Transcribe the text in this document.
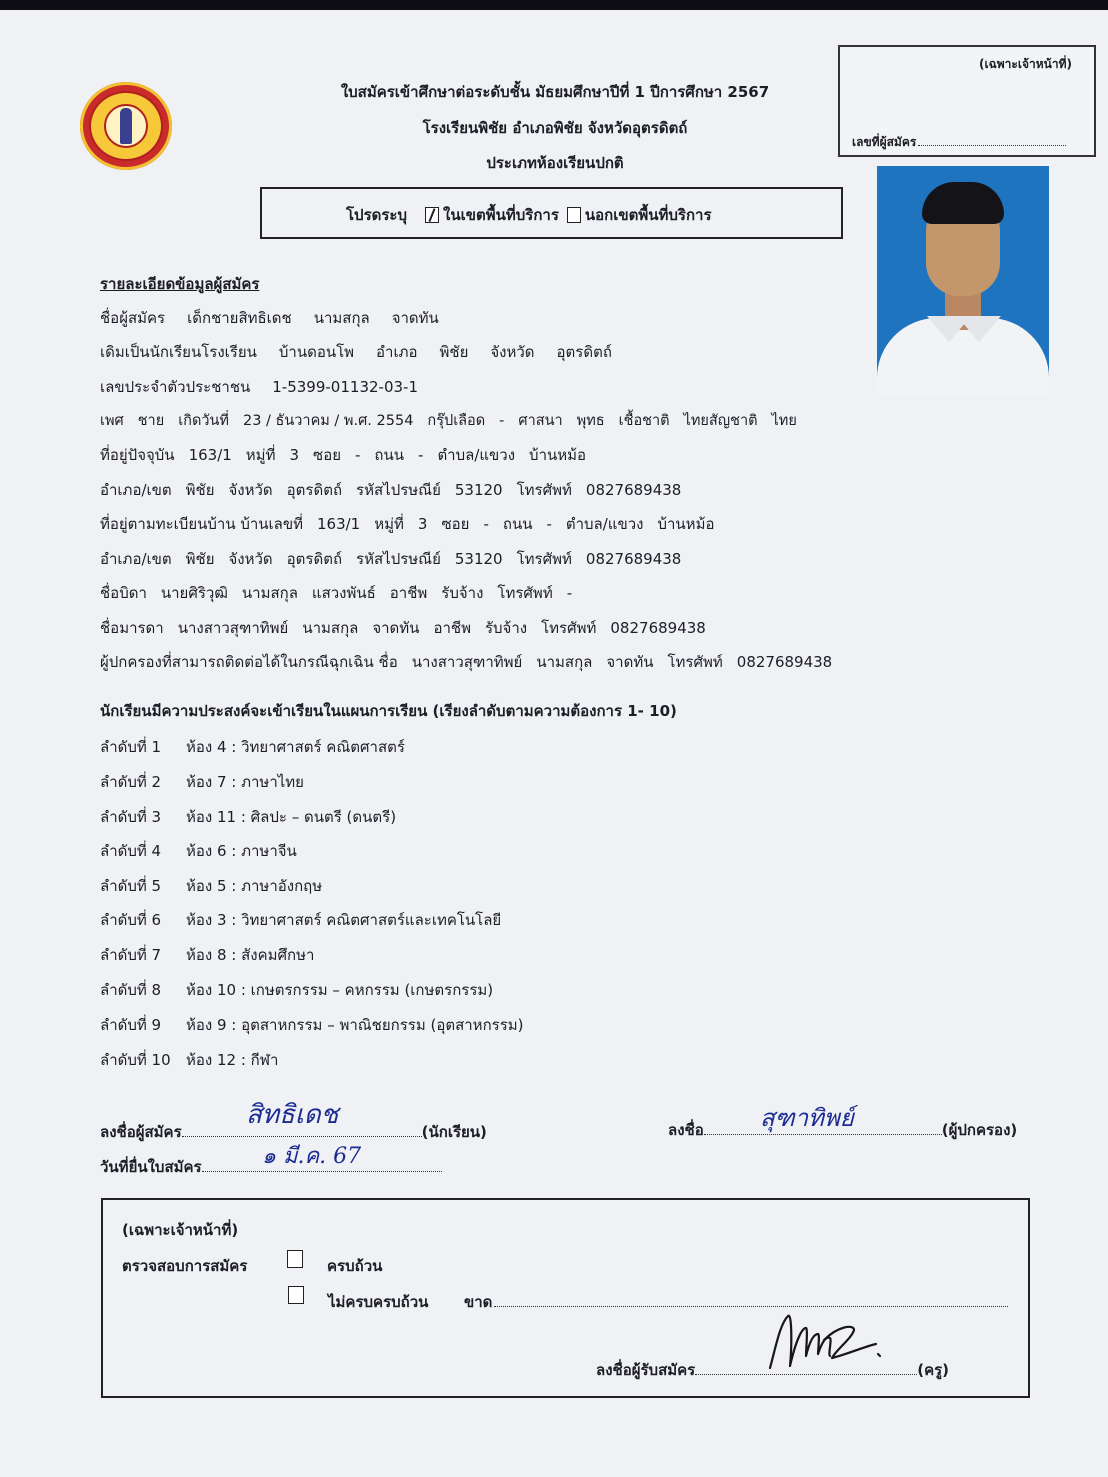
ใบสมัครเข้าศึกษาต่อระดับชั้น มัธยมศึกษาปีที่ 1 ปีการศึกษา 2567
โรงเรียนพิชัย อำเภอพิชัย จังหวัดอุตรดิตถ์
ประเภทห้องเรียนปกติ
(เฉพาะเจ้าหน้าที่)
เลขที่ผู้สมัคร
โปรดระบุ ในเขตพื้นที่บริการ นอกเขตพื้นที่บริการ
รายละเอียดข้อมูลผู้สมัคร
ชื่อผู้สมัคร เด็กชายสิทธิเดช นามสกุล จาดทัน
เดิมเป็นนักเรียนโรงเรียน บ้านดอนโพ อำเภอ พิชัย จังหวัด อุตรดิตถ์
เลขประจำตัวประชาชน 1-5399-01132-03-1
เพศ ชาย เกิดวันที่ 23 / ธันวาคม / พ.ศ. 2554 กรุ๊ปเลือด - ศาสนา พุทธ เชื้อชาติ ไทยสัญชาติ ไทย
ที่อยู่ปัจจุบัน 163/1 หมู่ที่ 3 ซอย - ถนน - ตำบล/แขวง บ้านหม้อ
อำเภอ/เขต พิชัย จังหวัด อุตรดิตถ์ รหัสไปรษณีย์ 53120 โทรศัพท์ 0827689438
ที่อยู่ตามทะเบียนบ้าน บ้านเลขที่ 163/1 หมู่ที่ 3 ซอย - ถนน - ตำบล/แขวง บ้านหม้อ
อำเภอ/เขต พิชัย จังหวัด อุตรดิตถ์ รหัสไปรษณีย์ 53120 โทรศัพท์ 0827689438
ชื่อบิดา นายศิริวุฒิ นามสกุล แสวงพันธ์ อาชีพ รับจ้าง โทรศัพท์ -
ชื่อมารดา นางสาวสุฑาทิพย์ นามสกุล จาดทัน อาชีพ รับจ้าง โทรศัพท์ 0827689438
ผู้ปกครองที่สามารถติดต่อได้ในกรณีฉุกเฉิน ชื่อ นางสาวสุฑาทิพย์ นามสกุล จาดทัน โทรศัพท์ 0827689438
นักเรียนมีความประสงค์จะเข้าเรียนในแผนการเรียน (เรียงลำดับตามความต้องการ 1- 10)
ลำดับที่ 1 ห้อง 4 : วิทยาศาสตร์ คณิตศาสตร์
ลำดับที่ 2 ห้อง 7 : ภาษาไทย
ลำดับที่ 3 ห้อง 11 : ศิลปะ – ดนตรี (ดนตรี)
ลำดับที่ 4 ห้อง 6 : ภาษาจีน
ลำดับที่ 5 ห้อง 5 : ภาษาอังกฤษ
ลำดับที่ 6 ห้อง 3 : วิทยาศาสตร์ คณิตศาสตร์และเทคโนโลยี
ลำดับที่ 7 ห้อง 8 : สังคมศึกษา
ลำดับที่ 8 ห้อง 10 : เกษตรกรรม – คหกรรม (เกษตรกรรม)
ลำดับที่ 9 ห้อง 9 : อุตสาหกรรม – พาณิชยกรรม (อุตสาหกรรม)
ลำดับที่ 10 ห้อง 12 : กีฬา
ลงชื่อผู้สมัคร	(นักเรียน)
สิทธิเดช	ลงชื่อ	(ผู้ปกครอง)
สุฑาทิพย์
วันที่ยื่นใบสมัคร	๑ มี.ค. 67
(เฉพาะเจ้าหน้าที่)
ตรวจสอบการสมัคร	ครบถ้วน
ไม่ครบครบถ้วน ขาด
ลงชื่อผู้รับสมัคร	(ครู)
